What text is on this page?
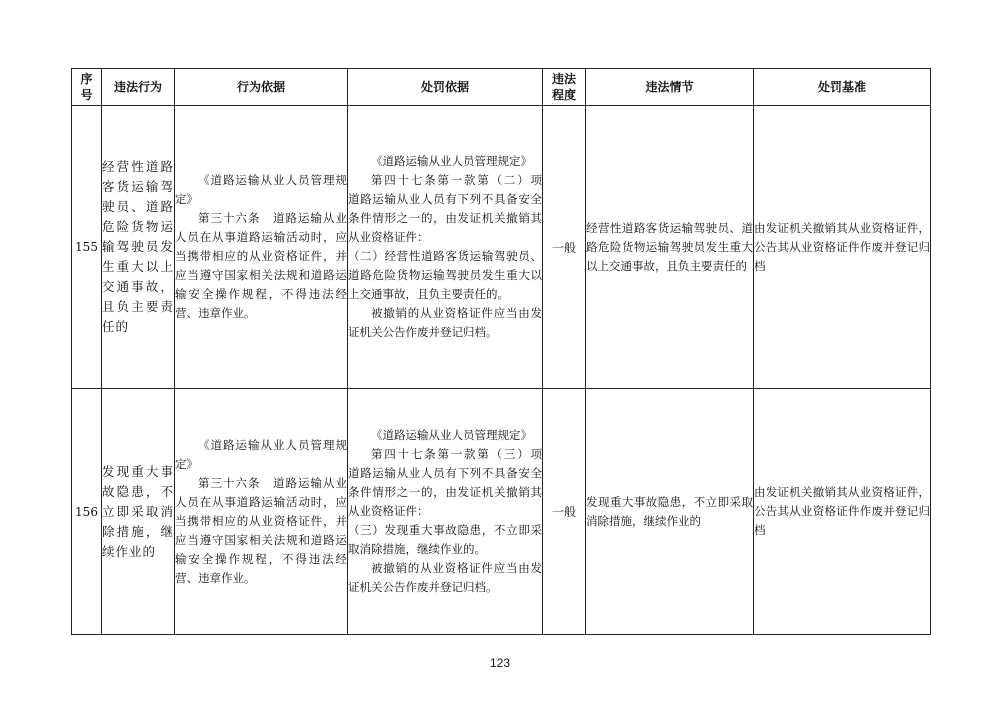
序号	违法行为	行为依据	处罚依据	违法程度	违法情节	处罚基准
155	经营性道路客货运输驾驶员、道路危险货物运输驾驶员发生重大以上交通事故，且负主要责任的	《道路运输从业人员管理规定》
第三十六条　道路运输从业人员在从事道路运输活动时，应当携带相应的从业资格证件，并应当遵守国家相关法规和道路运输安全操作规程，不得违法经营、违章作业。	《道路运输从业人员管理规定》
第四十七条第一款第（二）项　道路运输从业人员有下列不具备安全条件情形之一的，由发证机关撤销其从业资格证件：
（二）经营性道路客货运输驾驶员、道路危险货物运输驾驶员发生重大以上交通事故，且负主要责任的。
被撤销的从业资格证件应当由发证机关公告作废并登记归档。	一般	经营性道路客货运输驾驶员、道路危险货物运输驾驶员发生重大以上交通事故，且负主要责任的	由发证机关撤销其从业资格证件，公告其从业资格证件作废并登记归档
156	发现重大事故隐患，不立即采取消除措施，继续作业的	《道路运输从业人员管理规定》
第三十六条　道路运输从业人员在从事道路运输活动时，应当携带相应的从业资格证件，并应当遵守国家相关法规和道路运输安全操作规程，不得违法经营、违章作业。	《道路运输从业人员管理规定》
第四十七条第一款第（三）项　道路运输从业人员有下列不具备安全条件情形之一的，由发证机关撤销其从业资格证件：
（三）发现重大事故隐患，不立即采取消除措施，继续作业的。
被撤销的从业资格证件应当由发证机关公告作废并登记归档。	一般	发现重大事故隐患，不立即采取消除措施，继续作业的	由发证机关撤销其从业资格证件，公告其从业资格证件作废并登记归档
123
